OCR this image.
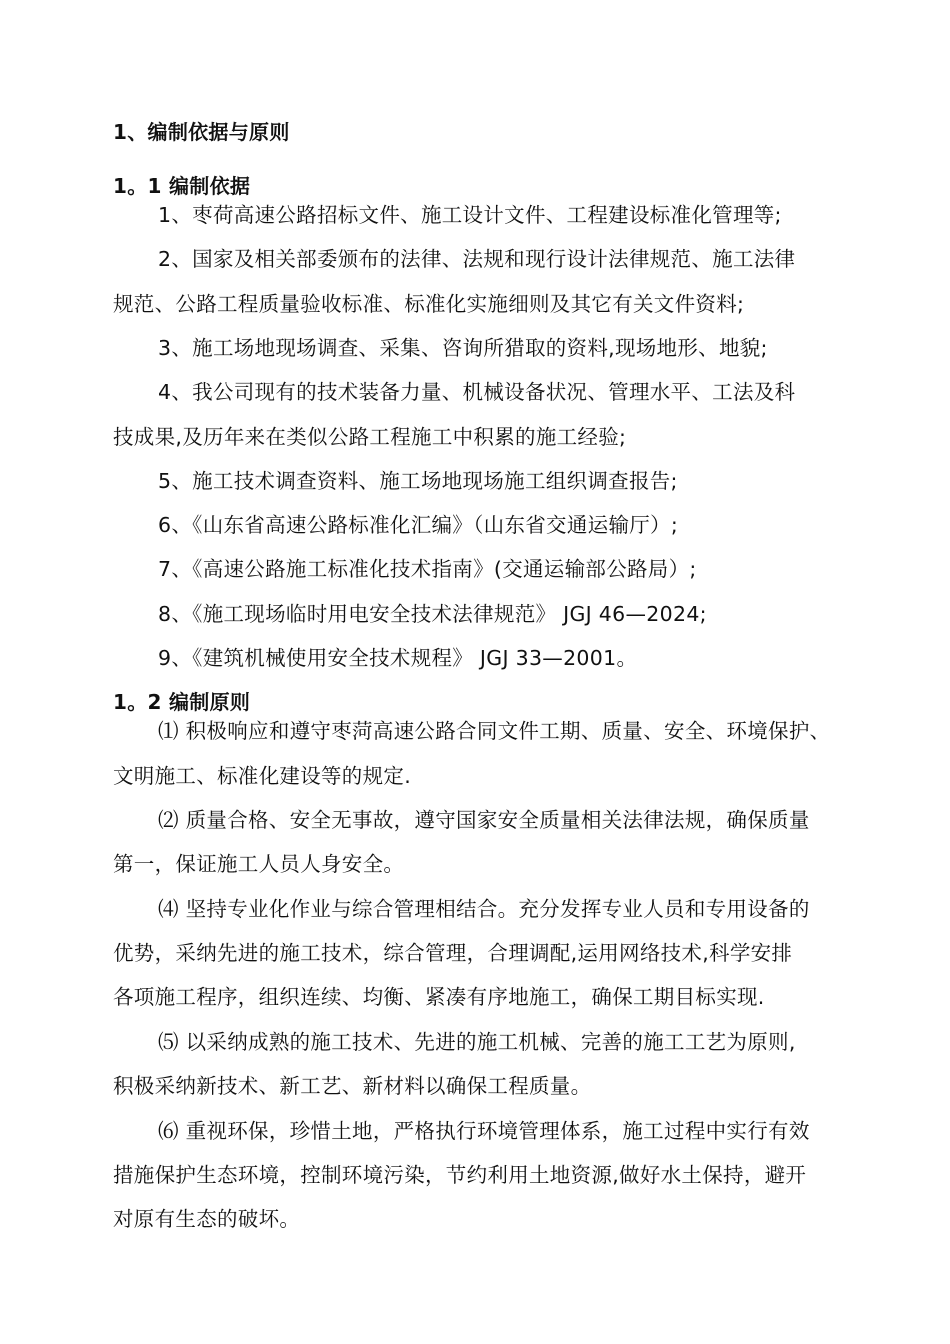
1、编制依据与原则
1。1 编制依据
1、枣荷高速公路招标文件、施工设计文件、工程建设标准化管理等;
2、国家及相关部委颁布的法律、法规和现行设计法律规范、施工法律
规范、公路工程质量验收标准、标准化实施细则及其它有关文件资料;
3、施工场地现场调查、采集、咨询所猎取的资料,现场地形、地貌;
4、我公司现有的技术装备力量、机械设备状况、管理水平、工法及科
技成果,及历年来在类似公路工程施工中积累的施工经验;
5、施工技术调查资料、施工场地现场施工组织调查报告;
6、《山东省高速公路标准化汇编》（山东省交通运输厅）;
7、《高速公路施工标准化技术指南》(交通运输部公路局）;
8、《施工现场临时用电安全技术法律规范》 JGJ 46—2024;
9、《建筑机械使用安全技术规程》 JGJ 33—2001。
1。2 编制原则
⑴ 积极响应和遵守枣菏高速公路合同文件工期、质量、安全、环境保护、
文明施工、标准化建设等的规定.
⑵ 质量合格、安全无事故，遵守国家安全质量相关法律法规，确保质量
第一，保证施工人员人身安全。
⑷ 坚持专业化作业与综合管理相结合。充分发挥专业人员和专用设备的
优势，采纳先进的施工技术，综合管理，合理调配,运用网络技术,科学安排
各项施工程序，组织连续、均衡、紧凑有序地施工，确保工期目标实现.
⑸ 以采纳成熟的施工技术、先进的施工机械、完善的施工工艺为原则,
积极采纳新技术、新工艺、新材料以确保工程质量。
⑹ 重视环保，珍惜土地，严格执行环境管理体系，施工过程中实行有效
措施保护生态环境，控制环境污染，节约利用土地资源,做好水土保持，避开
对原有生态的破坏。
